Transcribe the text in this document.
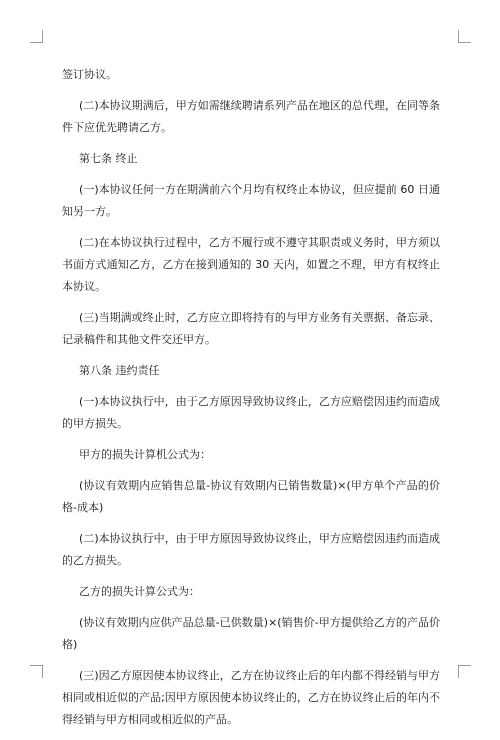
签订协议。

(二)本协议期满后，甲方如需继续聘请系列产品在地区的总代理，在同等条件下应优先聘请乙方。

第七条 终止

(一)本协议任何一方在期满前六个月均有权终止本协议，但应提前 60 日通知另一方。

(二)在本协议执行过程中，乙方不履行或不遵守其职责或义务时，甲方须以书面方式通知乙方，乙方在接到通知的 30 天内，如置之不理，甲方有权终止本协议。

(三)当期满或终止时，乙方应立即将持有的与甲方业务有关票据、备忘录、记录稿件和其他文件交还甲方。

第八条 违约责任

(一)本协议执行中，由于乙方原因导致协议终止，乙方应赔偿因违约而造成的甲方损失。

甲方的损失计算机公式为：

(协议有效期内应销售总量-协议有效期内已销售数量)×(甲方单个产品的价格-成本)

(二)本协议执行中，由于甲方原因导致协议终止，甲方应赔偿因违约而造成的乙方损失。

乙方的损失计算公式为：

(协议有效期内应供产品总量-已供数量)×(销售价-甲方提供给乙方的产品价格)

(三)因乙方原因使本协议终止，乙方在协议终止后的年内都不得经销与甲方相同或相近似的产品;因甲方原因使本协议终止的，乙方在协议终止后的年内不得经销与甲方相同或相近似的产品。
